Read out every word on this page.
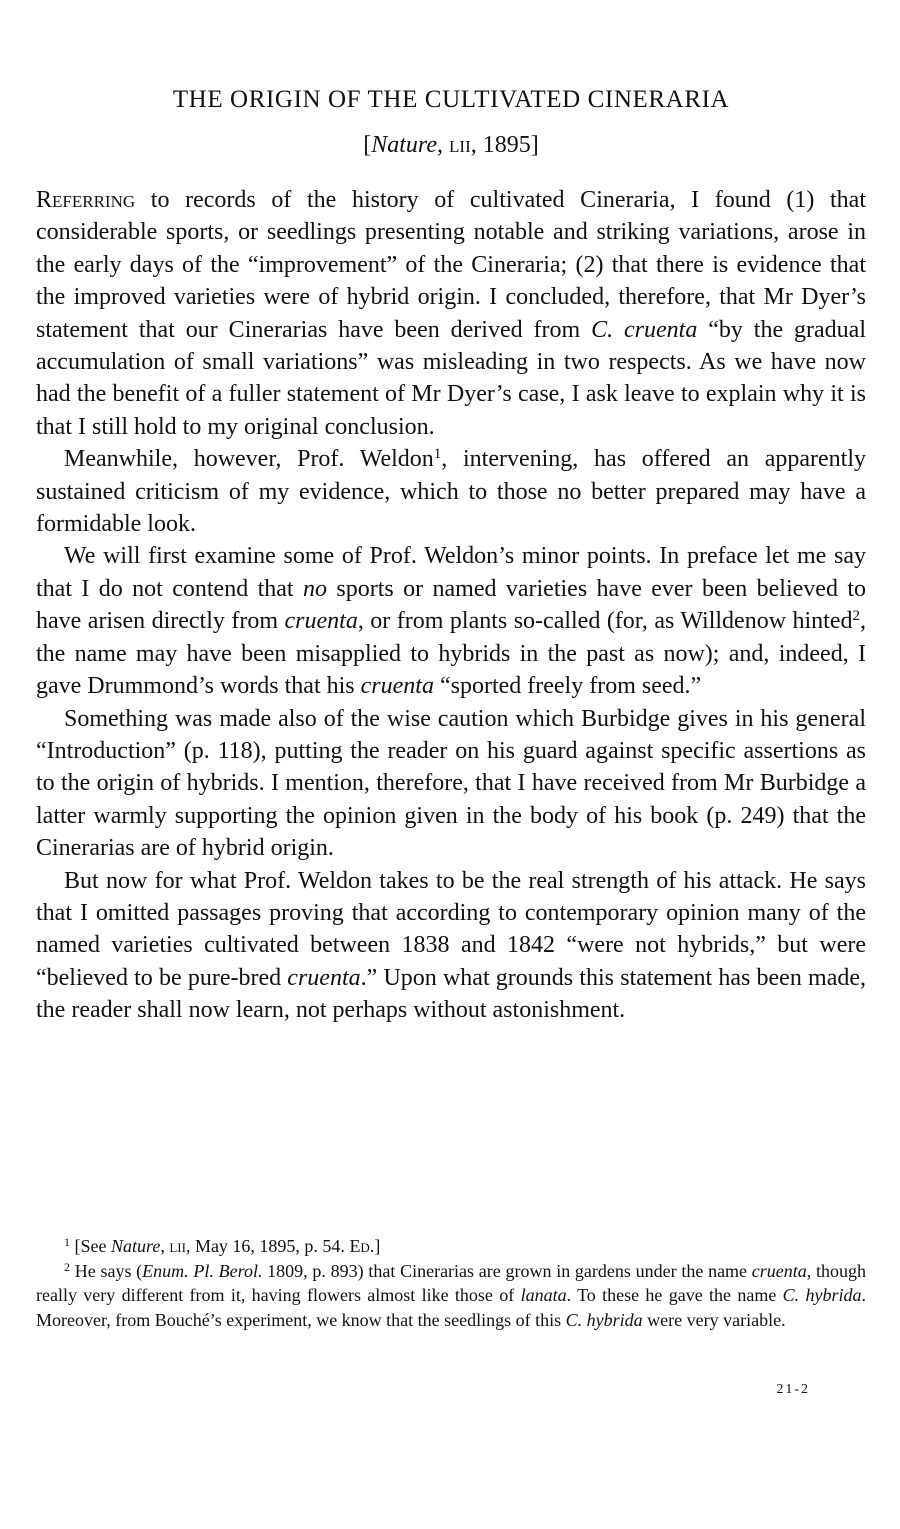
THE ORIGIN OF THE CULTIVATED CINERARIA

[Nature, lii, 1895]

Referring to records of the history of cultivated Cineraria, I found (1) that considerable sports, or seedlings presenting notable and striking variations, arose in the early days of the “improvement” of the Cineraria; (2) that there is evidence that the improved varieties were of hybrid origin. I concluded, therefore, that Mr Dyer’s statement that our Cinerarias have been derived from C. cruenta “by the gradual accumulation of small variations” was misleading in two respects. As we have now had the benefit of a fuller statement of Mr Dyer’s case, I ask leave to explain why it is that I still hold to my original conclusion.

Meanwhile, however, Prof. Weldon$^1$, intervening, has offered an apparently sustained criticism of my evidence, which to those no better prepared may have a formidable look.

We will first examine some of Prof. Weldon’s minor points. In preface let me say that I do not contend that no sports or named varieties have ever been believed to have arisen directly from cruenta, or from plants so-called (for, as Willdenow hinted$^2$, the name may have been misapplied to hybrids in the past as now); and, indeed, I gave Drummond’s words that his cruenta “sported freely from seed.”

Something was made also of the wise caution which Burbidge gives in his general “Introduction” (p. 118), putting the reader on his guard against specific assertions as to the origin of hybrids. I mention, therefore, that I have received from Mr Burbidge a latter warmly supporting the opinion given in the body of his book (p. 249) that the Cinerarias are of hybrid origin.

But now for what Prof. Weldon takes to be the real strength of his attack. He says that I omitted passages proving that according to contemporary opinion many of the named varieties cultivated between 1838 and 1842 “were not hybrids,” but were “believed to be pure-bred cruenta.” Upon what grounds this statement has been made, the reader shall now learn, not perhaps without astonishment.

$^1$ [See Nature, lii, May 16, 1895, p. 54. Ed.]

$^2$ He says (Enum. Pl. Berol. 1809, p. 893) that Cinerarias are grown in gardens under the name cruenta, though really very different from it, having flowers almost like those of lanata. To these he gave the name C. hybrida. Moreover, from Bouché’s experiment, we know that the seedlings of this C. hybrida were very variable.

21-2
